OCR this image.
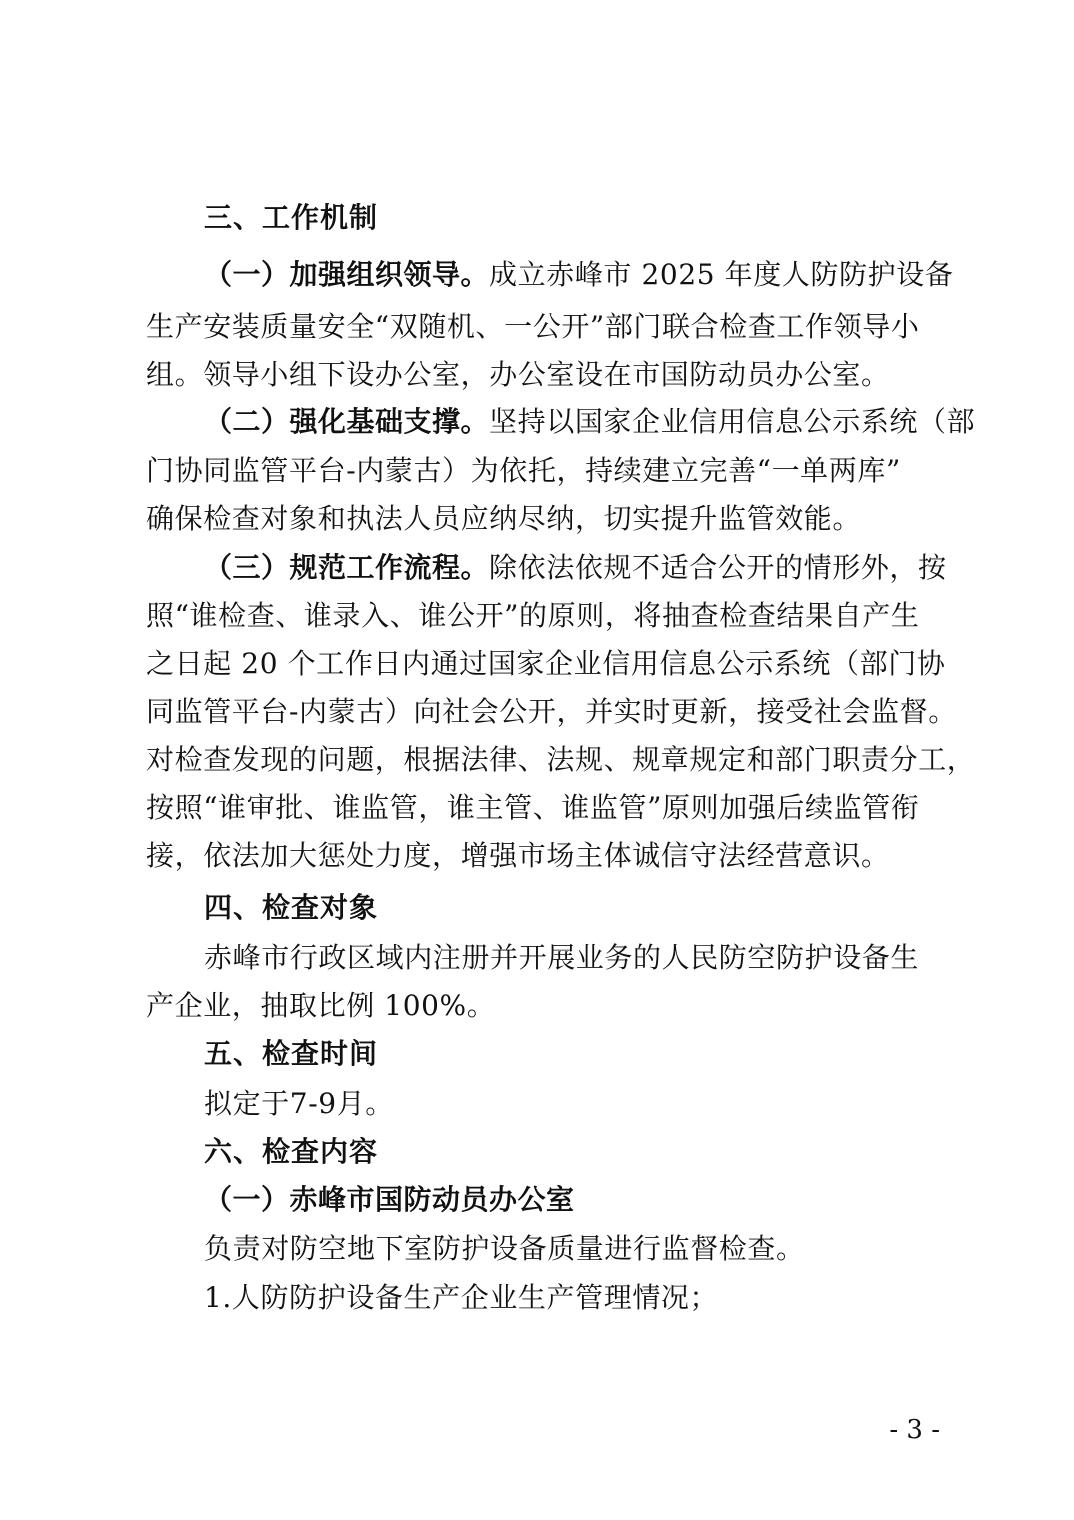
三、工作机制
（一）加强组织领导。成立赤峰市 2025 年度人防防护设备
生产安装质量安全“双随机、一公开”部门联合检查工作领导小
组。领导小组下设办公室，办公室设在市国防动员办公室。
（二）强化基础支撑。坚持以国家企业信用信息公示系统（部
门协同监管平台-内蒙古）为依托，持续建立完善“一单两库”
确保检查对象和执法人员应纳尽纳，切实提升监管效能。
（三）规范工作流程。除依法依规不适合公开的情形外，按
照“谁检查、谁录入、谁公开”的原则，将抽查检查结果自产生
之日起 20 个工作日内通过国家企业信用信息公示系统（部门协
同监管平台-内蒙古）向社会公开，并实时更新，接受社会监督。
对检查发现的问题，根据法律、法规、规章规定和部门职责分工，
按照“谁审批、谁监管，谁主管、谁监管”原则加强后续监管衔
接，依法加大惩处力度，增强市场主体诚信守法经营意识。
四、检查对象
赤峰市行政区域内注册并开展业务的人民防空防护设备生
产企业，抽取比例 100%。
五、检查时间
拟定于7-9月。
六、检查内容
（一）赤峰市国防动员办公室
负责对防空地下室防护设备质量进行监督检查。
1.人防防护设备生产企业生产管理情况；
- 3 -
